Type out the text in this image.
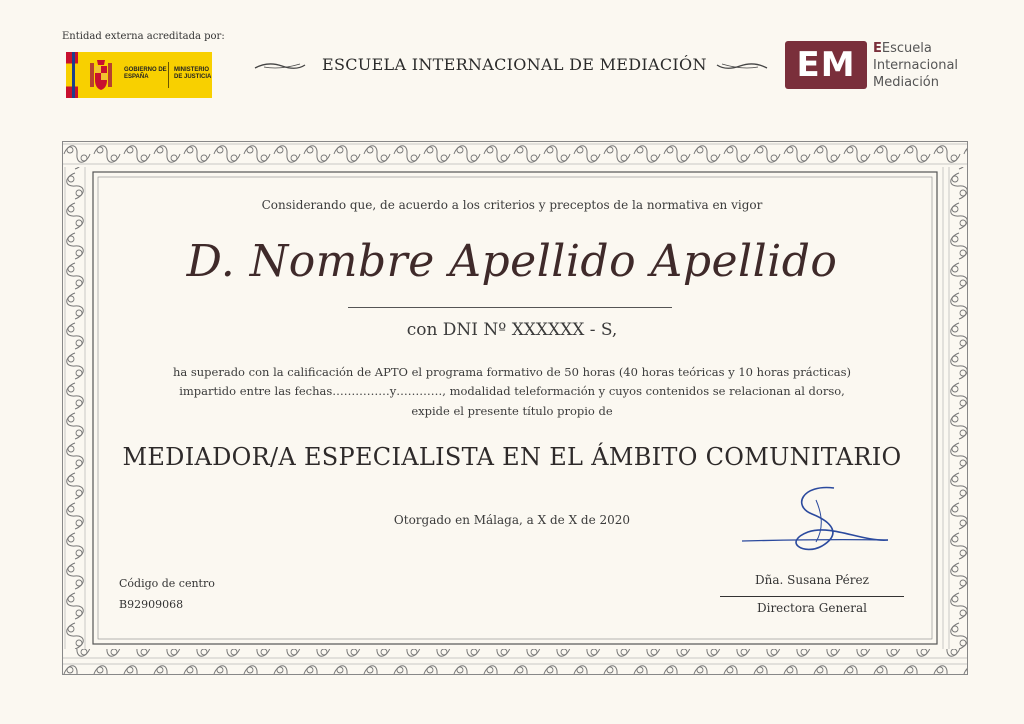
Entidad externa acreditada por:
GOBIERNO DE ESPAÑA
MINISTERIO DE JUSTICIA
ESCUELA INTERNACIONAL DE MEDIACIÓN	EM	EEscuela
Internacional
Mediación
Considerando que, de acuerdo a los criterios y preceptos de la normativa en vigor
D. Nombre Apellido Apellido
con DNI Nº XXXXXX - S,
ha superado con la calificación de APTO el programa formativo de 50 horas (40 horas teóricas y 10 horas prácticas)
impartido entre las fechas……………y…………, modalidad teleformación y cuyos contenidos se relacionan al dorso,
expide el presente título propio de
MEDIADOR/A ESPECIALISTA EN EL ÁMBITO COMUNITARIO
Otorgado en Málaga, a X de X de 2020
Código de centro
B92909068
Dña. Susana Pérez
Directora General
